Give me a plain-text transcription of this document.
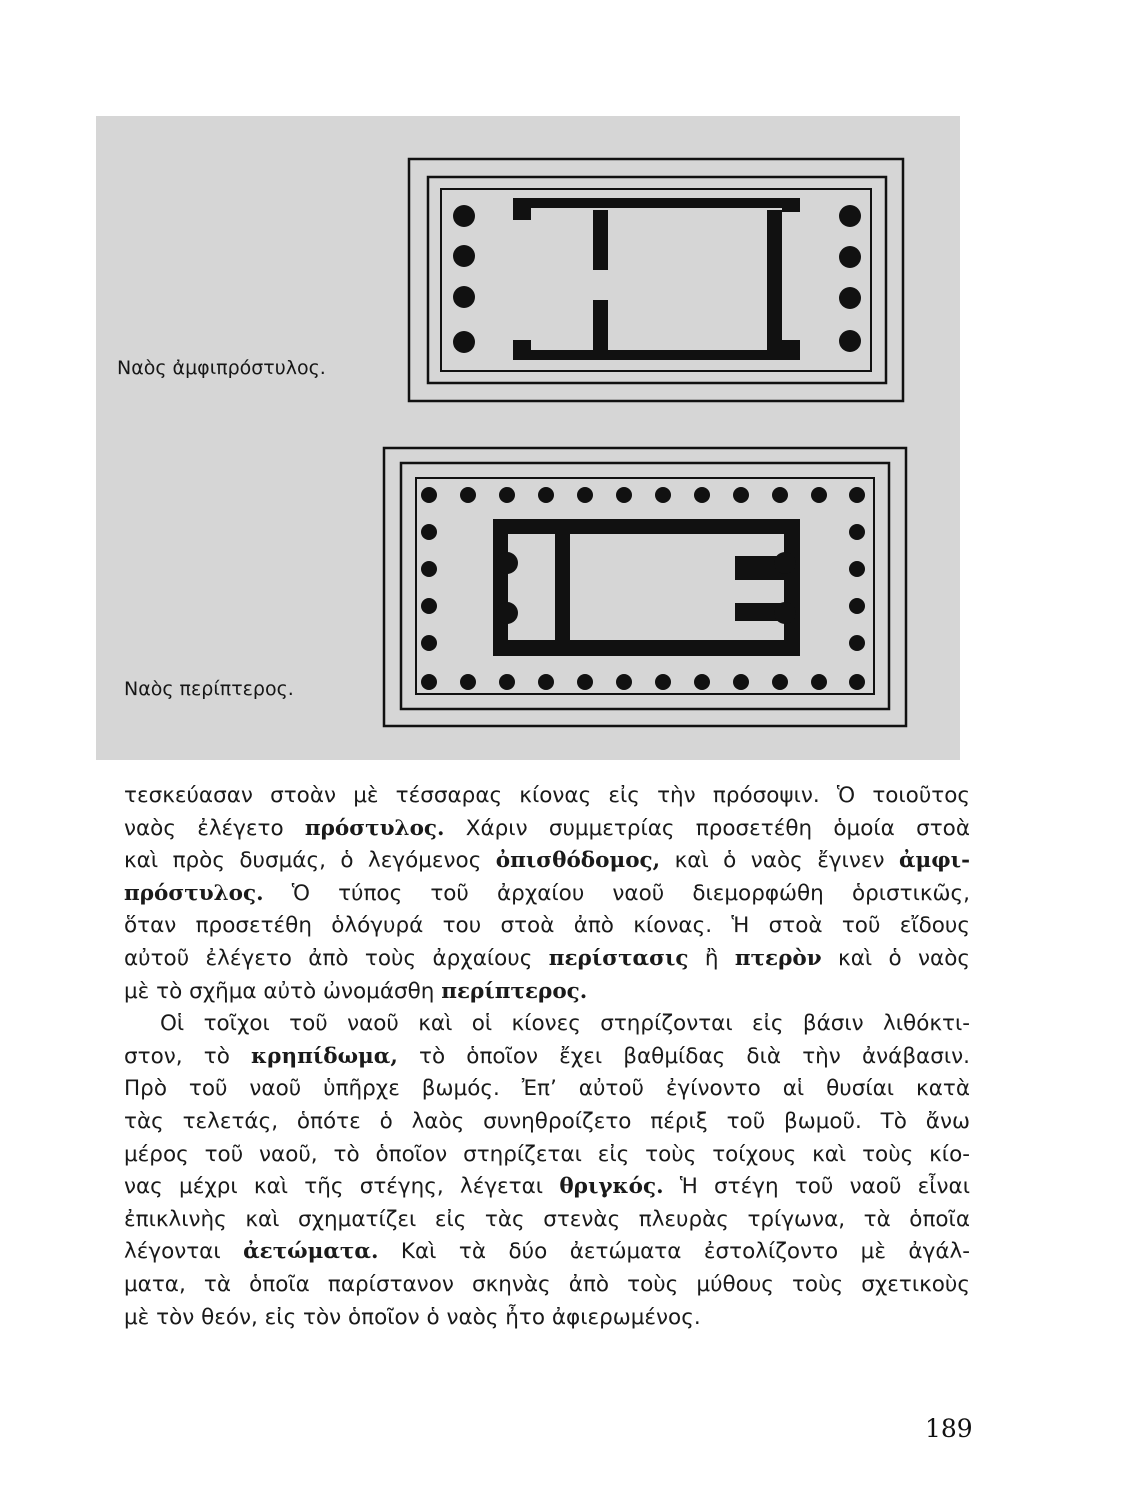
Ναὸς ἀμφιπρόστυλος.
Ναὸς περίπτερος.
τεσκεύασαν στοὰν μὲ τέσσαρας κίονας εἰς τὴν πρόσοψιν. Ὁ τοιοῦτος
ναὸς ἐλέγετο πρόστυλος. Χάριν συμμετρίας προσετέθη ὁμοία στοὰ
καὶ πρὸς δυσμάς, ὁ λεγόμενος ὀπισθόδομος, καὶ ὁ ναὸς ἔγινεν ἀμφι-
πρόστυλος. Ὁ τύπος τοῦ ἀρχαίου ναοῦ διεμορφώθη ὁριστικῶς,
ὅταν προσετέθη ὁλόγυρά του στοὰ ἀπὸ κίονας. Ἡ στοὰ τοῦ εἴδους
αὐτοῦ ἐλέγετο ἀπὸ τοὺς ἀρχαίους περίστασις ἢ πτερὸν καὶ ὁ ναὸς
μὲ τὸ σχῆμα αὐτὸ ὠνομάσθη περίπτερος.
Οἱ τοῖχοι τοῦ ναοῦ καὶ οἱ κίονες στηρίζονται εἰς βάσιν λιθόκτι-
στον, τὸ κρηπίδωμα, τὸ ὁποῖον ἔχει βαθμίδας διὰ τὴν ἀνάβασιν.
Πρὸ τοῦ ναοῦ ὑπῆρχε βωμός. Ἐπ’ αὐτοῦ ἐγίνοντο αἱ θυσίαι κατὰ
τὰς τελετάς, ὁπότε ὁ λαὸς συνηθροίζετο πέριξ τοῦ βωμοῦ. Τὸ ἄνω
μέρος τοῦ ναοῦ, τὸ ὁποῖον στηρίζεται εἰς τοὺς τοίχους καὶ τοὺς κίο-
νας μέχρι καὶ τῆς στέγης, λέγεται θριγκός. Ἡ στέγη τοῦ ναοῦ εἶναι
ἐπικλινὴς καὶ σχηματίζει εἰς τὰς στενὰς πλευρὰς τρίγωνα, τὰ ὁποῖα
λέγονται ἀετώματα. Καὶ τὰ δύο ἀετώματα ἐστολίζοντο μὲ ἀγάλ-
ματα, τὰ ὁποῖα παρίστανον σκηνὰς ἀπὸ τοὺς μύθους τοὺς σχετικοὺς
μὲ τὸν θεόν, εἰς τὸν ὁποῖον ὁ ναὸς ἦτο ἀφιερωμένος.
189
